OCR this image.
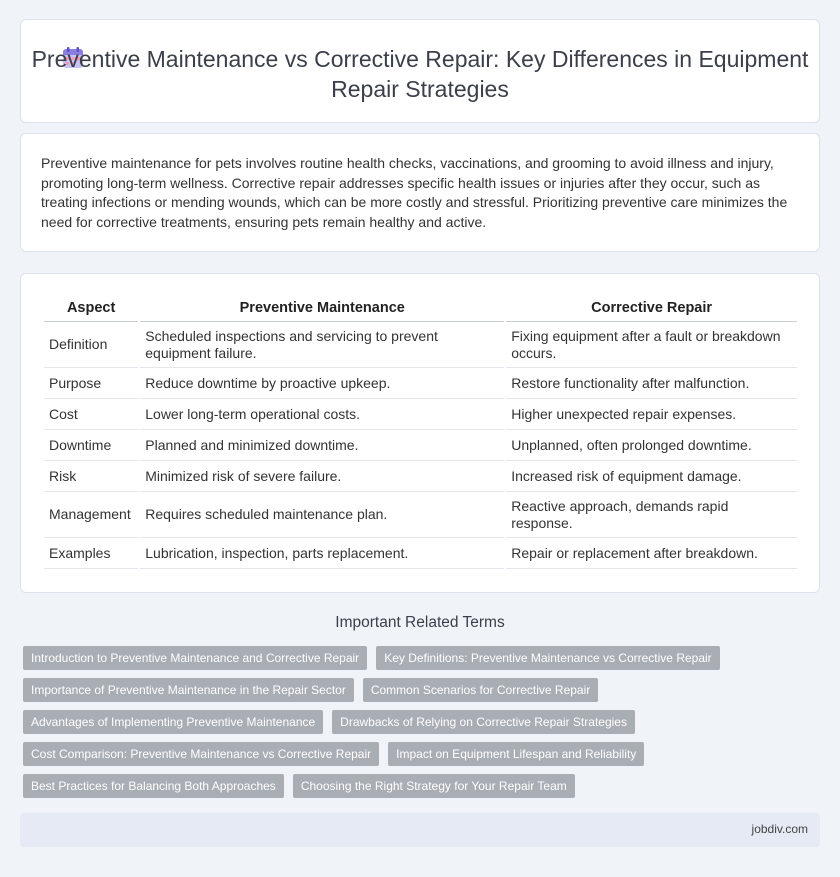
Preventive Maintenance vs Corrective Repair: Key Differences in Equipment Repair Strategies

Preventive maintenance for pets involves routine health checks, vaccinations, and grooming to avoid illness and injury, promoting long-term wellness. Corrective repair addresses specific health issues or injuries after they occur, such as treating infections or mending wounds, which can be more costly and stressful. Prioritizing preventive care minimizes the need for corrective treatments, ensuring pets remain healthy and active.

Aspect	Preventive Maintenance	Corrective Repair
Definition	Scheduled inspections and servicing to prevent equipment failure.	Fixing equipment after a fault or breakdown occurs.
Purpose	Reduce downtime by proactive upkeep.	Restore functionality after malfunction.
Cost	Lower long-term operational costs.	Higher unexpected repair expenses.
Downtime	Planned and minimized downtime.	Unplanned, often prolonged downtime.
Risk	Minimized risk of severe failure.	Increased risk of equipment damage.
Management	Requires scheduled maintenance plan.	Reactive approach, demands rapid response.
Examples	Lubrication, inspection, parts replacement.	Repair or replacement after breakdown.
Important Related Terms
Introduction to Preventive Maintenance and Corrective Repair	Key Definitions: Preventive Maintenance vs Corrective Repair
Importance of Preventive Maintenance in the Repair Sector	Common Scenarios for Corrective Repair
Advantages of Implementing Preventive Maintenance	Drawbacks of Relying on Corrective Repair Strategies
Cost Comparison: Preventive Maintenance vs Corrective Repair	Impact on Equipment Lifespan and Reliability
Best Practices for Balancing Both Approaches	Choosing the Right Strategy for Your Repair Team
jobdiv.com
